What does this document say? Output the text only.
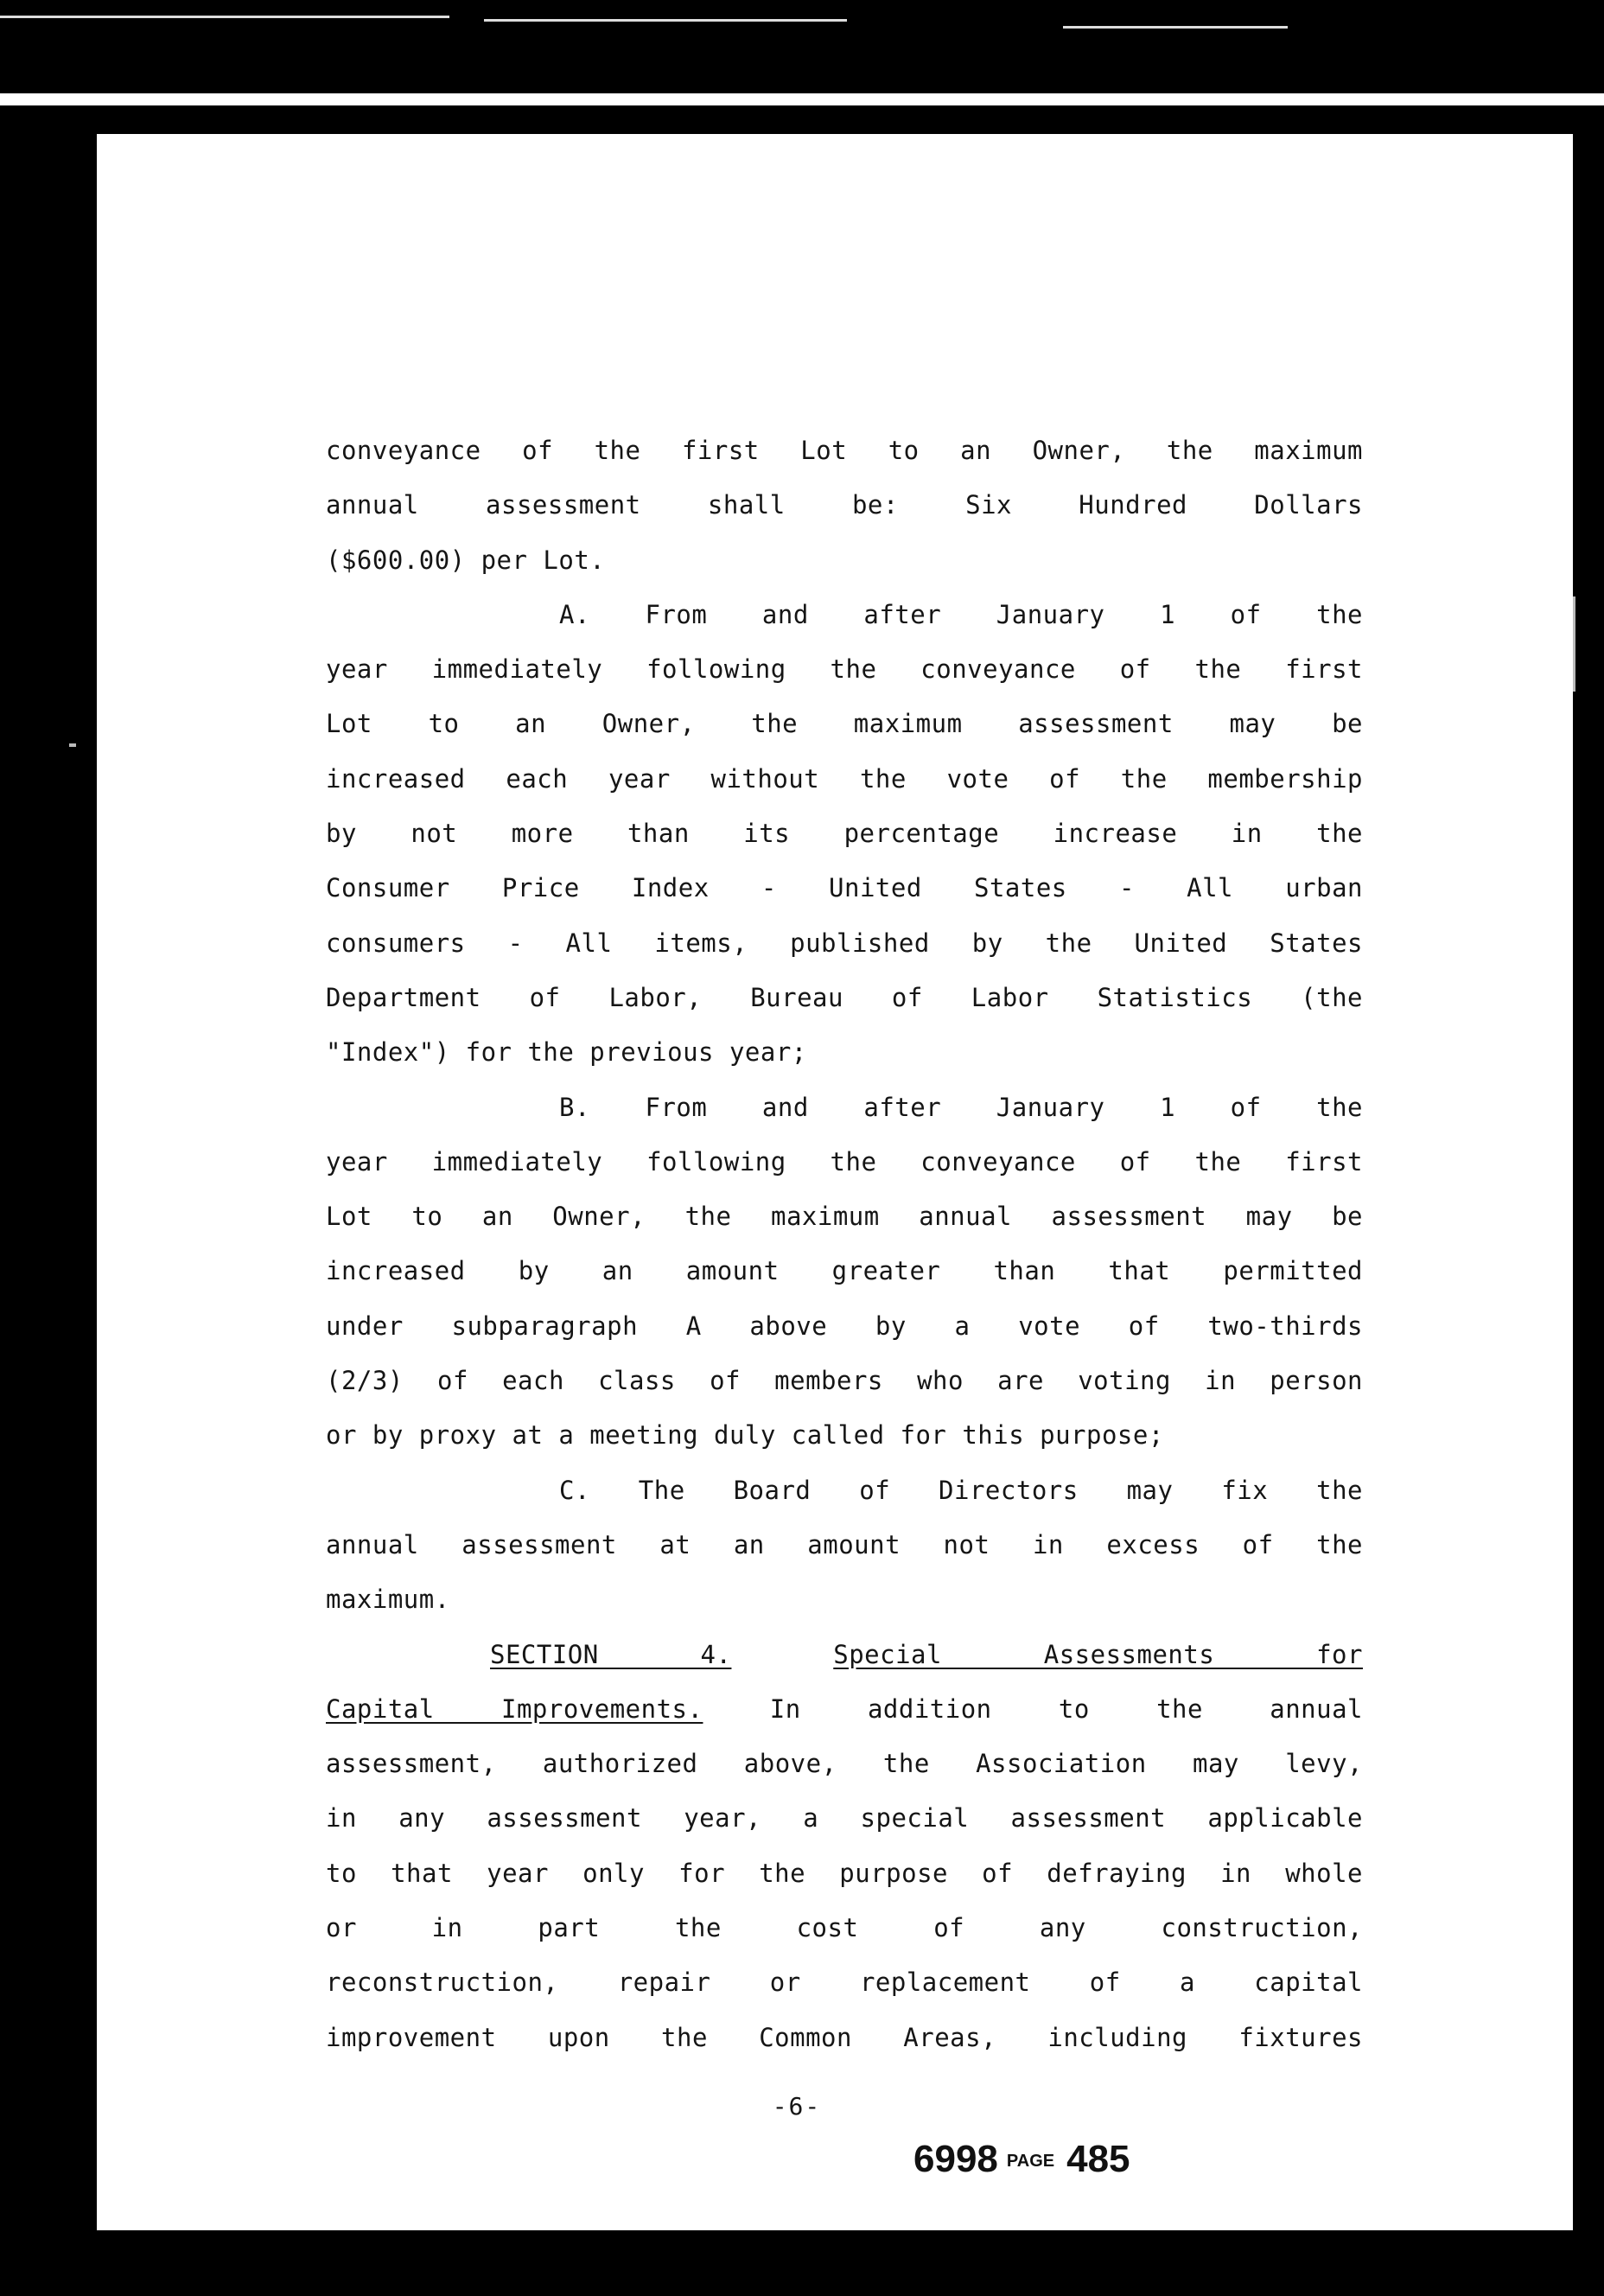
conveyance of the first Lot to an Owner, the maximum
annual assessment shall be: Six Hundred Dollars
($600.00) per Lot.
A. From and after January 1 of the
year immediately following the conveyance of the first
Lot to an Owner, the maximum assessment may be
increased each year without the vote of the membership
by not more than its percentage increase in the
Consumer Price Index - United States - All urban
consumers - All items, published by the United States
Department of Labor, Bureau of Labor Statistics (the
"Index") for the previous year;
B. From and after January 1 of the
year immediately following the conveyance of the first
Lot to an Owner, the maximum annual assessment may be
increased by an amount greater than that permitted
under subparagraph A above by a vote of two-thirds
(2/3) of each class of members who are voting in person
or by proxy at a meeting duly called for this purpose;
C. The Board of Directors may fix the
annual assessment at an amount not in excess of the
maximum.
SECTION 4.	Special Assessments for
Capital Improvements.	In addition to the annual
assessment, authorized above, the Association may levy,
in any assessment year, a special assessment applicable
to that year only for the purpose of defraying in whole
or in part the cost of any construction,
reconstruction, repair or replacement of a capital
improvement upon the Common Areas, including fixtures
-6-
6998 PAGE 485
